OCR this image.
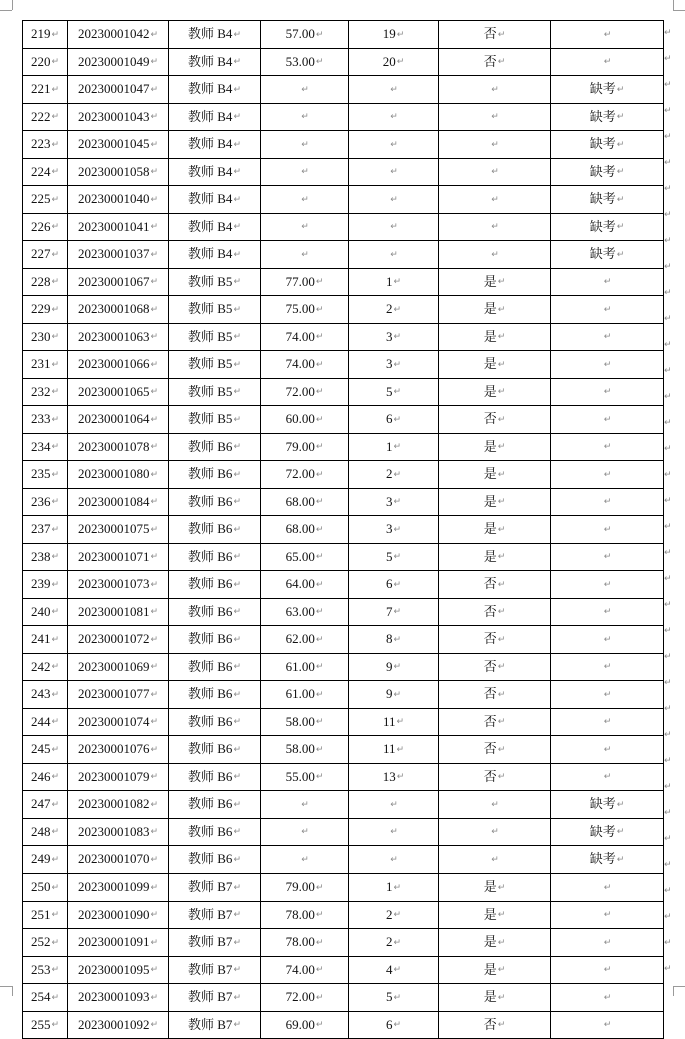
219↵	20230001042↵	教师 B4↵	57.00↵	19↵	否↵	↵
220↵	20230001049↵	教师 B4↵	53.00↵	20↵	否↵	↵
221↵	20230001047↵	教师 B4↵	↵	↵	↵	缺考↵
222↵	20230001043↵	教师 B4↵	↵	↵	↵	缺考↵
223↵	20230001045↵	教师 B4↵	↵	↵	↵	缺考↵
224↵	20230001058↵	教师 B4↵	↵	↵	↵	缺考↵
225↵	20230001040↵	教师 B4↵	↵	↵	↵	缺考↵
226↵	20230001041↵	教师 B4↵	↵	↵	↵	缺考↵
227↵	20230001037↵	教师 B4↵	↵	↵	↵	缺考↵
228↵	20230001067↵	教师 B5↵	77.00↵	1↵	是↵	↵
229↵	20230001068↵	教师 B5↵	75.00↵	2↵	是↵	↵
230↵	20230001063↵	教师 B5↵	74.00↵	3↵	是↵	↵
231↵	20230001066↵	教师 B5↵	74.00↵	3↵	是↵	↵
232↵	20230001065↵	教师 B5↵	72.00↵	5↵	是↵	↵
233↵	20230001064↵	教师 B5↵	60.00↵	6↵	否↵	↵
234↵	20230001078↵	教师 B6↵	79.00↵	1↵	是↵	↵
235↵	20230001080↵	教师 B6↵	72.00↵	2↵	是↵	↵
236↵	20230001084↵	教师 B6↵	68.00↵	3↵	是↵	↵
237↵	20230001075↵	教师 B6↵	68.00↵	3↵	是↵	↵
238↵	20230001071↵	教师 B6↵	65.00↵	5↵	是↵	↵
239↵	20230001073↵	教师 B6↵	64.00↵	6↵	否↵	↵
240↵	20230001081↵	教师 B6↵	63.00↵	7↵	否↵	↵
241↵	20230001072↵	教师 B6↵	62.00↵	8↵	否↵	↵
242↵	20230001069↵	教师 B6↵	61.00↵	9↵	否↵	↵
243↵	20230001077↵	教师 B6↵	61.00↵	9↵	否↵	↵
244↵	20230001074↵	教师 B6↵	58.00↵	11↵	否↵	↵
245↵	20230001076↵	教师 B6↵	58.00↵	11↵	否↵	↵
246↵	20230001079↵	教师 B6↵	55.00↵	13↵	否↵	↵
247↵	20230001082↵	教师 B6↵	↵	↵	↵	缺考↵
248↵	20230001083↵	教师 B6↵	↵	↵	↵	缺考↵
249↵	20230001070↵	教师 B6↵	↵	↵	↵	缺考↵
250↵	20230001099↵	教师 B7↵	79.00↵	1↵	是↵	↵
251↵	20230001090↵	教师 B7↵	78.00↵	2↵	是↵	↵
252↵	20230001091↵	教师 B7↵	78.00↵	2↵	是↵	↵
253↵	20230001095↵	教师 B7↵	74.00↵	4↵	是↵	↵
254↵	20230001093↵	教师 B7↵	72.00↵	5↵	是↵	↵
255↵	20230001092↵	教师 B7↵	69.00↵	6↵	否↵	↵
↵
↵
↵
↵
↵
↵
↵
↵
↵
↵
↵
↵
↵
↵
↵
↵
↵
↵
↵
↵
↵
↵
↵
↵
↵
↵
↵
↵
↵
↵
↵
↵
↵
↵
↵
↵
↵
